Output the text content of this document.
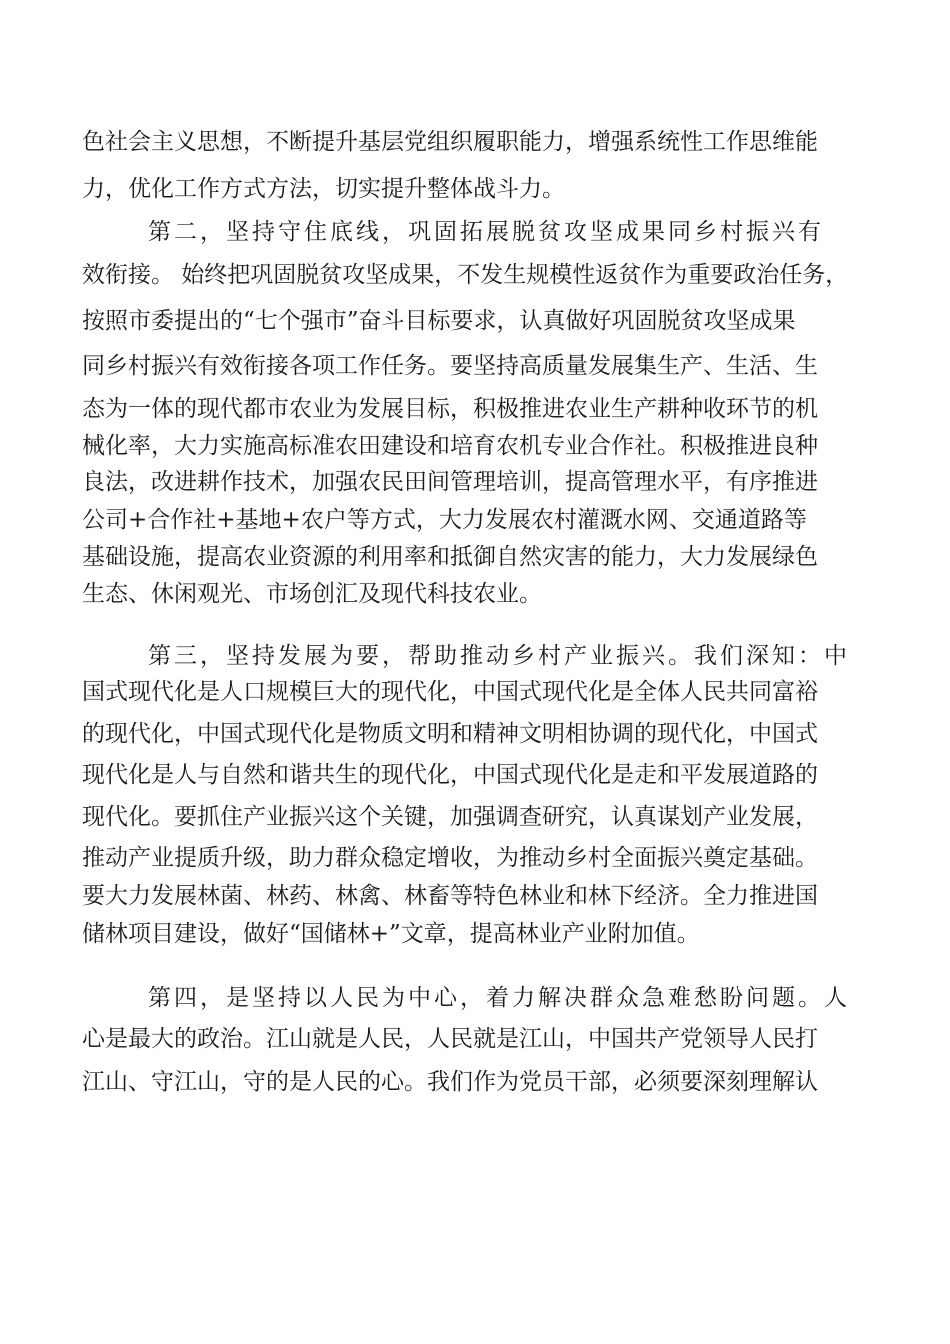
色社会主义思想，不断提升基层党组织履职能力，增强系统性工作思维能
力，优化工作方式方法，切实提升整体战斗力。
第二，坚持守住底线，巩固拓展脱贫攻坚成果同乡村振兴有
效衔接。 始终把巩固脱贫攻坚成果，不发生规模性返贫作为重要政治任务，
按照市委提出的“七个强市”奋斗目标要求，认真做好巩固脱贫攻坚成果
同乡村振兴有效衔接各项工作任务。要坚持高质量发展集生产、生活、生
态为一体的现代都市农业为发展目标，积极推进农业生产耕种收环节的机
械化率，大力实施高标准农田建设和培育农机专业合作社。积极推进良种
良法，改进耕作技术，加强农民田间管理培训，提高管理水平，有序推进
公司+合作社+基地+农户等方式，大力发展农村灌溉水网、交通道路等
基础设施，提高农业资源的利用率和抵御自然灾害的能力，大力发展绿色
生态、休闲观光、市场创汇及现代科技农业。
第三，坚持发展为要，帮助推动乡村产业振兴。我们深知：中
国式现代化是人口规模巨大的现代化，中国式现代化是全体人民共同富裕
的现代化，中国式现代化是物质文明和精神文明相协调的现代化，中国式
现代化是人与自然和谐共生的现代化，中国式现代化是走和平发展道路的
现代化。要抓住产业振兴这个关键，加强调查研究，认真谋划产业发展，
推动产业提质升级，助力群众稳定增收，为推动乡村全面振兴奠定基础。
要大力发展林菌、林药、林禽、林畜等特色林业和林下经济。全力推进国
储林项目建设，做好“国储林+”文章，提高林业产业附加值。
第四，是坚持以人民为中心，着力解决群众急难愁盼问题。人
心是最大的政治。江山就是人民，人民就是江山，中国共产党领导人民打
江山、守江山，守的是人民的心。我们作为党员干部，必须要深刻理解认
